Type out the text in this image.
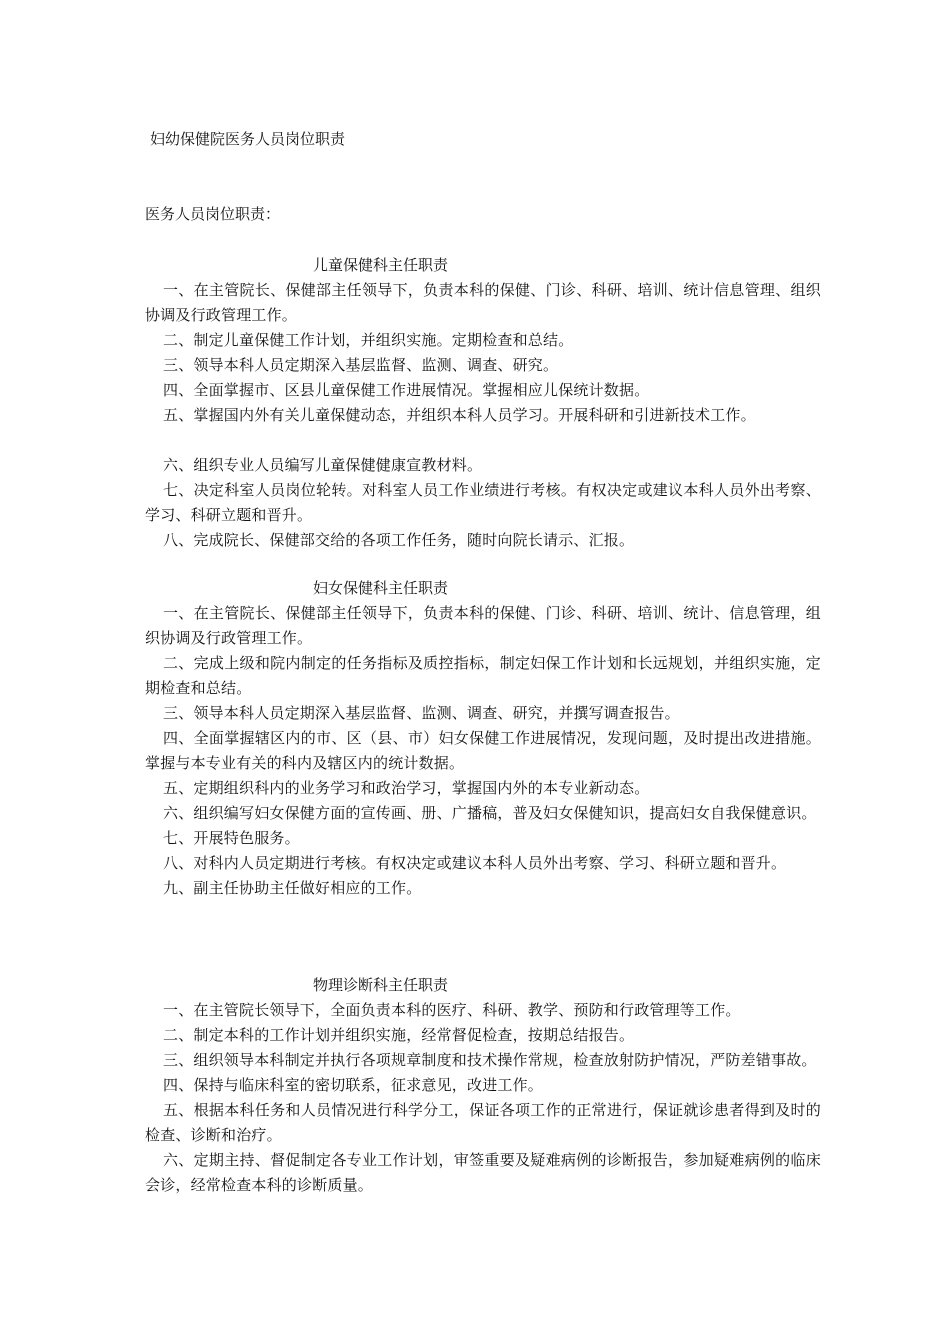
妇幼保健院医务人员岗位职责
医务人员岗位职责：
儿童保健科主任职责

一、在主管院长、保健部主任领导下，负责本科的保健、门诊、科研、培训、统计信息管理、组织协调及行政管理工作。

二、制定儿童保健工作计划，并组织实施。定期检查和总结。

三、领导本科人员定期深入基层监督、监测、调查、研究。

四、全面掌握市、区县儿童保健工作进展情况。掌握相应儿保统计数据。

五、掌握国内外有关儿童保健动态，并组织本科人员学习。开展科研和引进新技术工作。

六、组织专业人员编写儿童保健健康宣教材料。

七、决定科室人员岗位轮转。对科室人员工作业绩进行考核。有权决定或建议本科人员外出考察、学习、科研立题和晋升。

八、完成院长、保健部交给的各项工作任务，随时向院长请示、汇报。

妇女保健科主任职责

一、在主管院长、保健部主任领导下，负责本科的保健、门诊、科研、培训、统计、信息管理，组织协调及行政管理工作。

二、完成上级和院内制定的任务指标及质控指标，制定妇保工作计划和长远规划，并组织实施，定期检查和总结。

三、领导本科人员定期深入基层监督、监测、调查、研究，并撰写调查报告。

四、全面掌握辖区内的市、区（县、市）妇女保健工作进展情况，发现问题，及时提出改进措施。掌握与本专业有关的科内及辖区内的统计数据。

五、定期组织科内的业务学习和政治学习，掌握国内外的本专业新动态。

六、组织编写妇女保健方面的宣传画、册、广播稿，普及妇女保健知识，提高妇女自我保健意识。

七、开展特色服务。

八、对科内人员定期进行考核。有权决定或建议本科人员外出考察、学习、科研立题和晋升。

九、副主任协助主任做好相应的工作。

物理诊断科主任职责

一、在主管院长领导下，全面负责本科的医疗、科研、教学、预防和行政管理等工作。

二、制定本科的工作计划并组织实施，经常督促检查，按期总结报告。

三、组织领导本科制定并执行各项规章制度和技术操作常规，检查放射防护情况，严防差错事故。

四、保持与临床科室的密切联系，征求意见，改进工作。

五、根据本科任务和人员情况进行科学分工，保证各项工作的正常进行，保证就诊患者得到及时的检查、诊断和治疗。

六、定期主持、督促制定各专业工作计划，审签重要及疑难病例的诊断报告，参加疑难病例的临床会诊，经常检查本科的诊断质量。
